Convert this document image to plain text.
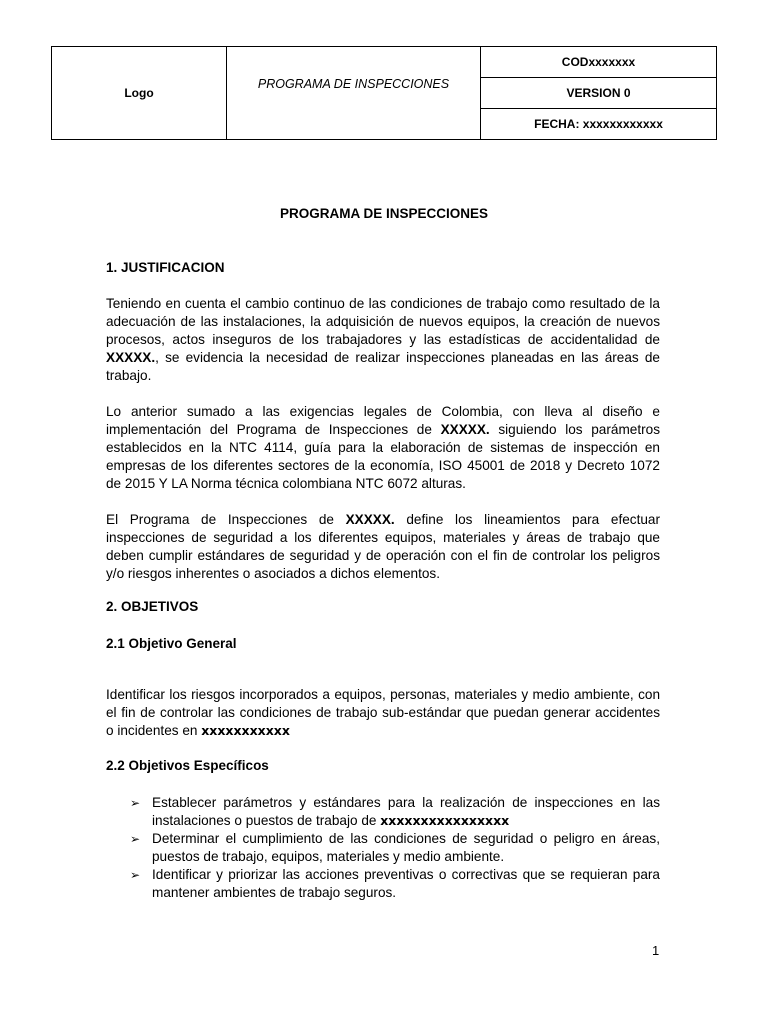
Logo	PROGRAMA DE INSPECCIONES	CODxxxxxxx
VERSION 0
FECHA: xxxxxxxxxxxx
PROGRAMA DE INSPECCIONES
1. JUSTIFICACION
Teniendo en cuenta el cambio continuo de las condiciones de trabajo como resultado de la adecuación de las instalaciones, la adquisición de nuevos equipos, la creación de nuevos procesos, actos inseguros de los trabajadores y las estadísticas de accidentalidad de XXXXX., se evidencia la necesidad de realizar inspecciones planeadas en las áreas de trabajo.
Lo anterior sumado a las exigencias legales de Colombia, con lleva al diseño e implementación del Programa de Inspecciones de XXXXX. siguiendo los parámetros establecidos en la NTC 4114, guía para la elaboración de sistemas de inspección en empresas de los diferentes sectores de la economía, ISO 45001 de 2018 y Decreto 1072 de 2015 Y LA Norma técnica colombiana NTC 6072 alturas.
El Programa de Inspecciones de XXXXX. define los lineamientos para efectuar inspecciones de seguridad a los diferentes equipos, materiales y áreas de trabajo que deben cumplir estándares de seguridad y de operación con el fin de controlar los peligros y/o riesgos inherentes o asociados a dichos elementos.
2. OBJETIVOS
2.1 Objetivo General
Identificar los riesgos incorporados a equipos, personas, materiales y medio ambiente, con el fin de controlar las condiciones de trabajo sub-estándar que puedan generar accidentes o incidentes en xxxxxxxxxxx
2.2 Objetivos Específicos
➢ Establecer parámetros y estándares para la realización de inspecciones en las instalaciones o puestos de trabajo de xxxxxxxxxxxxxxxx
➢ Determinar el cumplimiento de las condiciones de seguridad o peligro en áreas, puestos de trabajo, equipos, materiales y medio ambiente.
➢ Identificar y priorizar las acciones preventivas o correctivas que se requieran para mantener ambientes de trabajo seguros.
1
